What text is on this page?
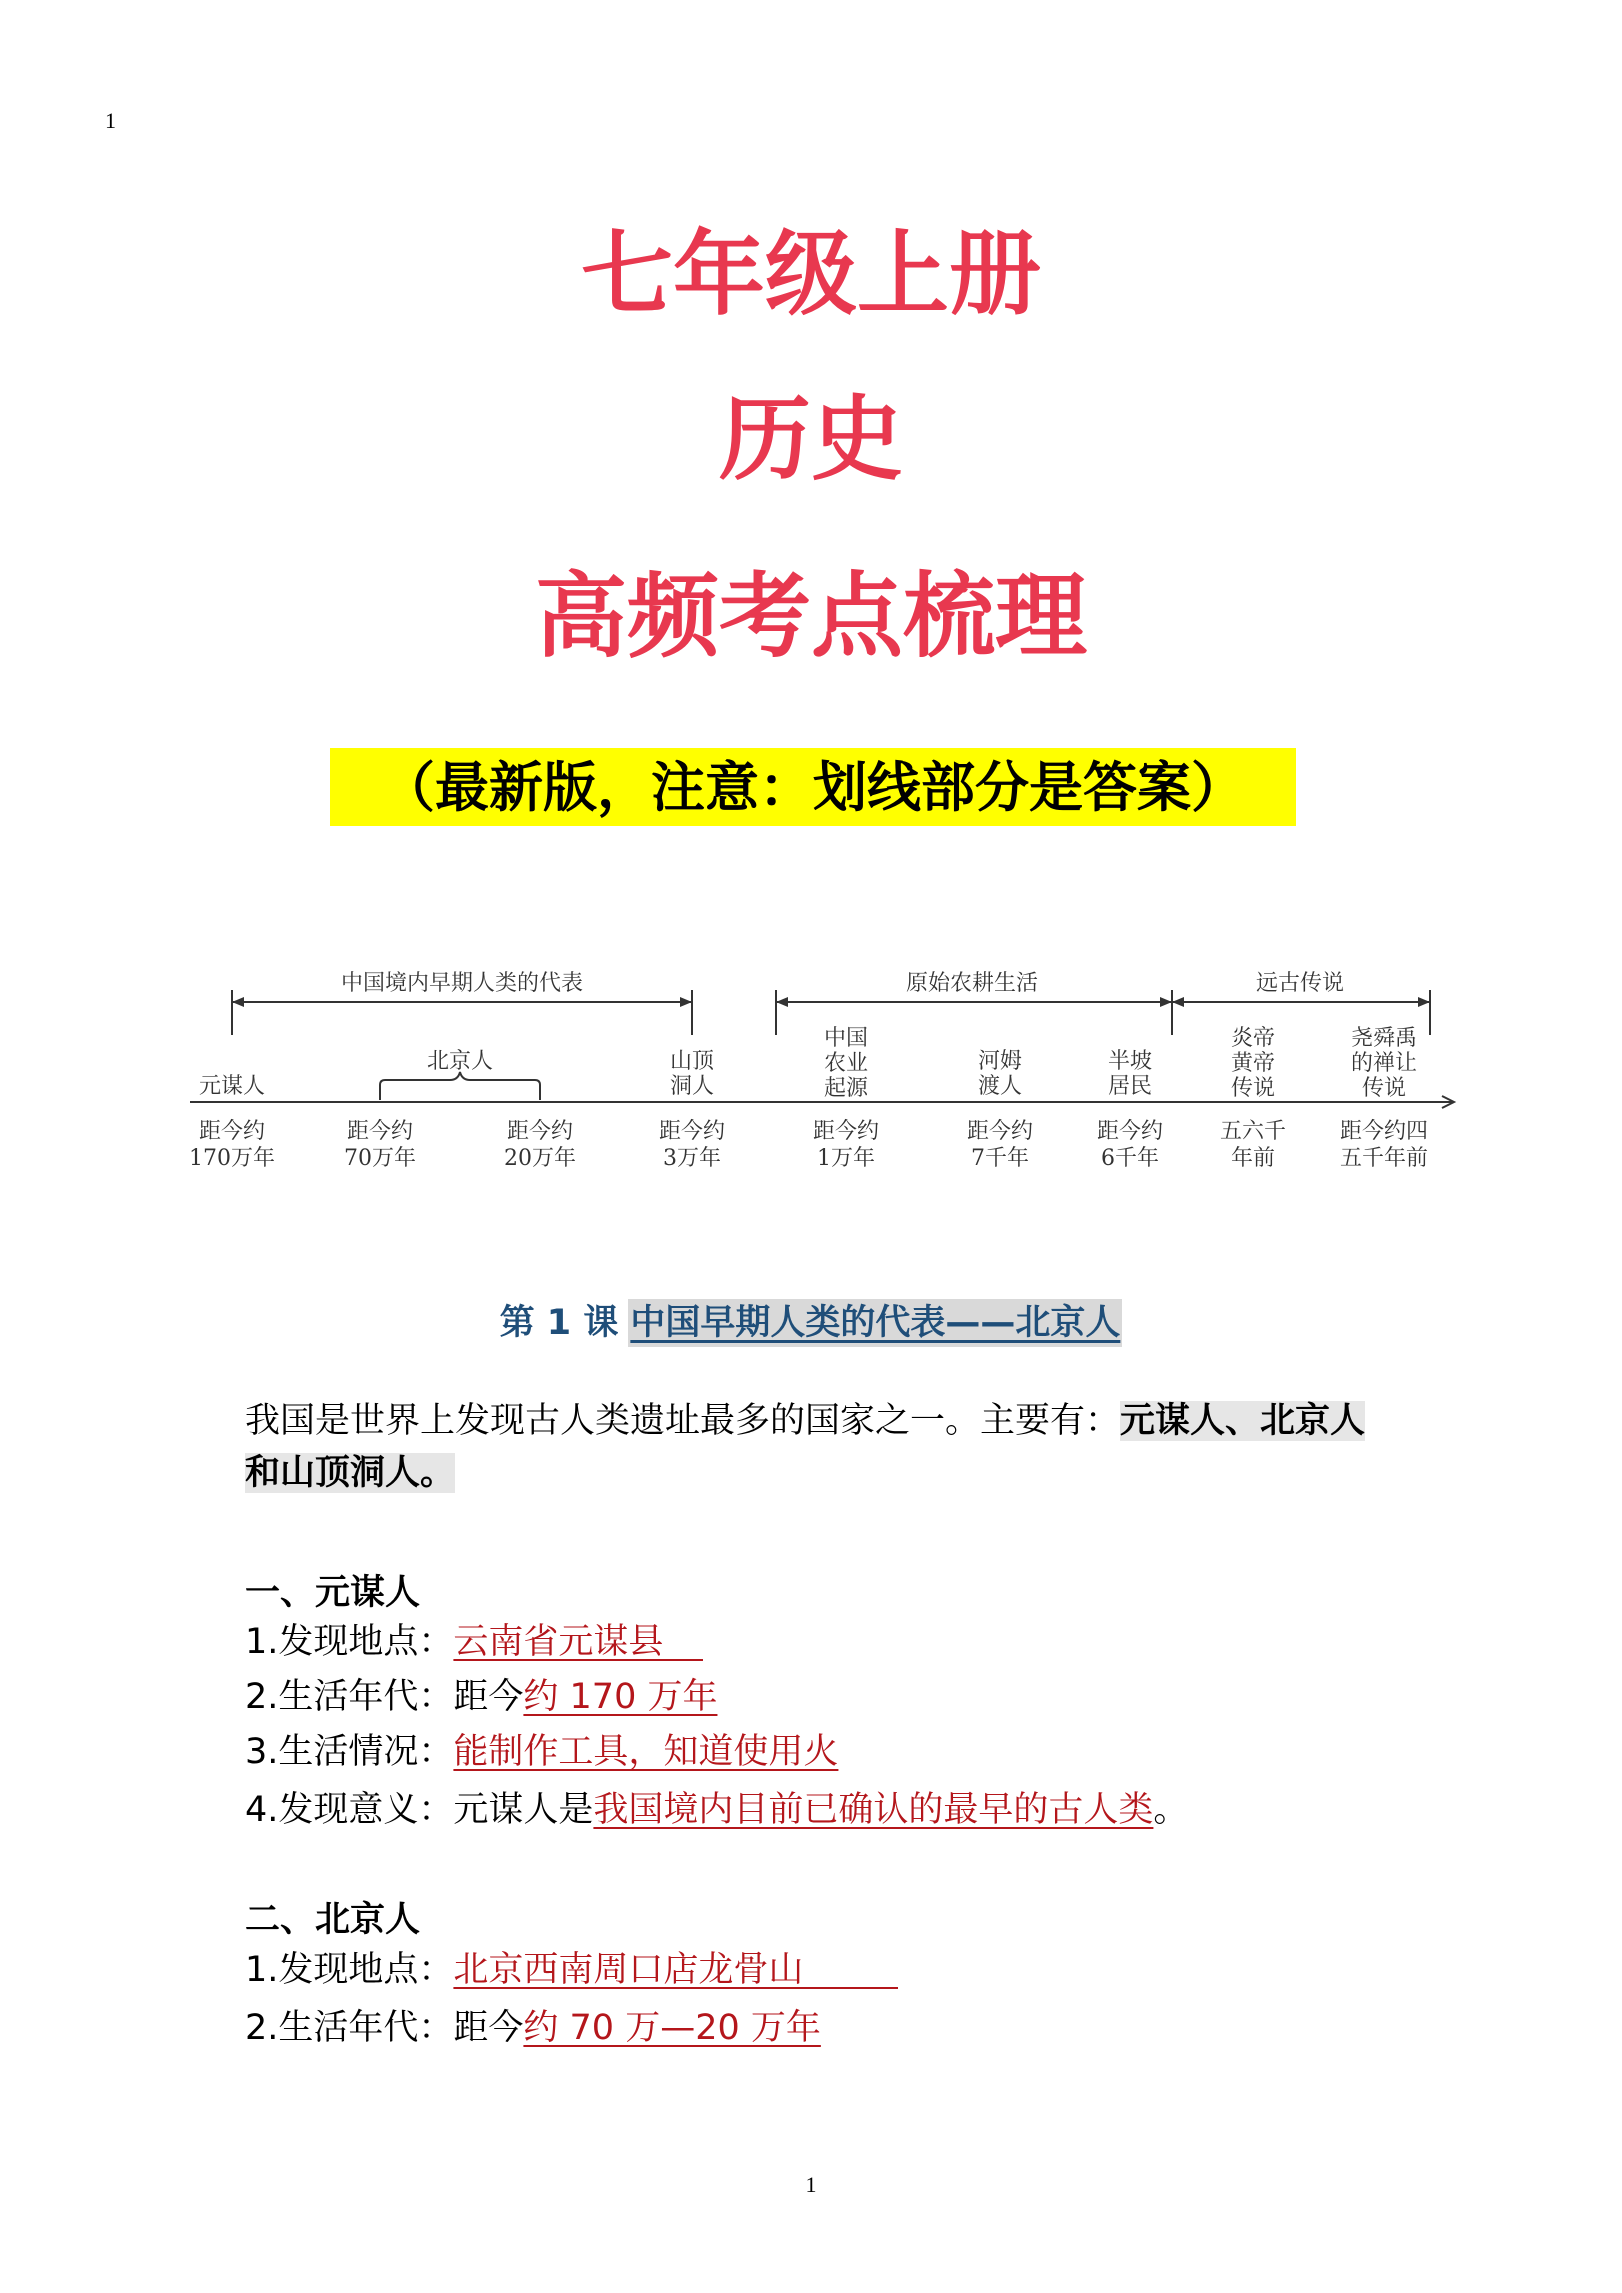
1
七年级上册
历史
高频考点梳理
（最新版，注意：划线部分是答案）
中国境内早期人类的代表	原始农耕生活	远古传说
北京人
元谋人
山顶
洞人
中国
农业
起源
河姆
渡人
半坡
居民
炎帝
黄帝
传说
尧舜禹
的禅让
传说
距今约
170万年
距今约
70万年
距今约
20万年
距今约
3万年
距今约
1万年
距今约
7千年
距今约
6千年
五六千
年前
距今约四
五千年前
第 1 课 中国早期人类的代表——北京人
我国是世界上发现古人类遗址最多的国家之一。主要有：元谋人、北京人和山顶洞人。
一、元谋人
1.发现地点：云南省元谋县
2.生活年代：距今约 170 万年
3.生活情况：能制作工具，知道使用火
4.发现意义：元谋人是我国境内目前已确认的最早的古人类。
二、北京人
1.发现地点：北京西南周口店龙骨山
2.生活年代：距今约 70 万—20 万年
1
